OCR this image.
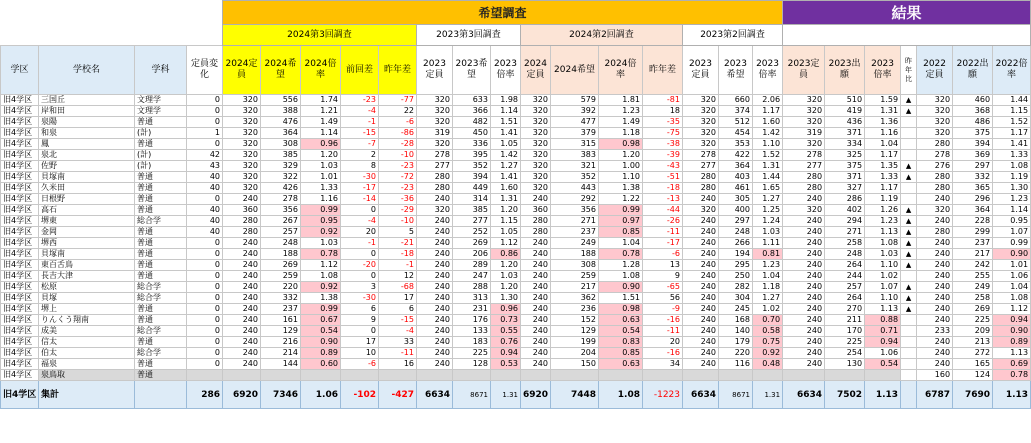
				希望調査															結果						
				2024第3回調査					2023第3回調査			2024第2回調査				2023第2回調査									
学区	学校名	学科	定員変化	2024定員	2024希望	2024倍率	前回差	昨年差	2023定員	2023希望	2023倍率	2024定員	2024希望	2024倍率	昨年差	2023定員	2023希望	2023倍率	2023定員	2023出願	2023倍率	昨年比	2022定員	2022出願	2022倍率
旧4学区	三国丘	文理学	0	320	556	1.74	-23	-77	320	633	1.98	320	579	1.81	-81	320	660	2.06	320	510	1.59	▲	320	460	1.44
旧4学区	岸和田	文理学	0	320	388	1.21	-4	22	320	366	1.14	320	392	1.23	18	320	374	1.17	320	419	1.31	▲	320	368	1.15
旧4学区	泉陽	普通	0	320	476	1.49	-1	-6	320	482	1.51	320	477	1.49	-35	320	512	1.60	320	436	1.36		320	486	1.52
旧4学区	和泉	(計)	1	320	364	1.14	-15	-86	319	450	1.41	320	379	1.18	-75	320	454	1.42	319	371	1.16		320	375	1.17
旧4学区	鳳	普通	0	320	308	0.96	-7	-28	320	336	1.05	320	315	0.98	-38	320	353	1.10	320	334	1.04		280	394	1.41
旧4学区	泉北	(計)	42	320	385	1.20	2	-10	278	395	1.42	320	383	1.20	-39	278	422	1.52	278	325	1.17		278	369	1.33
旧4学区	佐野	(計)	43	320	329	1.03	8	-23	277	352	1.27	320	321	1.00	-43	277	364	1.31	277	375	1.35	▲	276	297	1.08
旧4学区	貝塚南	普通	40	320	322	1.01	-30	-72	280	394	1.41	320	352	1.10	-51	280	403	1.44	280	371	1.33	▲	280	332	1.19
旧4学区	久米田	普通	40	320	426	1.33	-17	-23	280	449	1.60	320	443	1.38	-18	280	461	1.65	280	327	1.17		280	365	1.30
旧4学区	日根野	普通	0	240	278	1.16	-14	-36	240	314	1.31	240	292	1.22	-13	240	305	1.27	240	286	1.19		240	296	1.23
旧4学区	高石	普通	40	360	356	0.99	0	-29	320	385	1.20	360	356	0.99	-44	320	400	1.25	320	402	1.26	▲	320	364	1.14
旧4学区	堺東	総合学	40	280	267	0.95	-4	-10	240	277	1.15	280	271	0.97	-26	240	297	1.24	240	294	1.23	▲	240	228	0.95
旧4学区	金岡	普通	40	280	257	0.92	20	5	240	252	1.05	280	237	0.85	-11	240	248	1.03	240	271	1.13	▲	280	299	1.07
旧4学区	堺西	普通	0	240	248	1.03	-1	-21	240	269	1.12	240	249	1.04	-17	240	266	1.11	240	258	1.08	▲	240	237	0.99
旧4学区	貝塚南	普通	0	240	188	0.78	0	-18	240	206	0.86	240	188	0.78	-6	240	194	0.81	240	248	1.03	▲	240	217	0.90
旧4学区	東百舌鳥	普通	0	240	269	1.12	-20	-1	240	289	1.20	240	308	1.28	13	240	295	1.23	240	264	1.10	▲	240	242	1.01
旧4学区	長吉大津	普通	0	240	259	1.08	0	12	240	247	1.03	240	259	1.08	9	240	250	1.04	240	244	1.02		240	255	1.06
旧4学区	松原	総合学	0	240	220	0.92	3	-68	240	288	1.20	240	217	0.90	-65	240	282	1.18	240	257	1.07	▲	240	249	1.04
旧4学区	貝塚	総合学	0	240	332	1.38	-30	17	240	313	1.30	240	362	1.51	56	240	304	1.27	240	264	1.10	▲	240	258	1.08
旧4学区	堺上	普通	0	240	237	0.99	6	6	240	231	0.96	240	236	0.98	-9	240	245	1.02	240	270	1.13	▲	240	269	1.12
旧4学区	りんくう翔南	普通	0	240	161	0.67	9	-15	240	176	0.73	240	152	0.63	-16	240	168	0.70	240	211	0.88		240	225	0.94
旧4学区	成美	総合学	0	240	129	0.54	0	-4	240	133	0.55	240	129	0.54	-11	240	140	0.58	240	170	0.71		233	209	0.90
旧4学区	信太	普通	0	240	216	0.90	17	33	240	183	0.76	240	199	0.83	20	240	179	0.75	240	225	0.94		240	213	0.89
旧4学区	伯太	総合学	0	240	214	0.89	10	-11	240	225	0.94	240	204	0.85	-16	240	220	0.92	240	254	1.06		240	272	1.13
旧4学区	福泉	普通	0	240	144	0.60	-6	16	240	128	0.53	240	150	0.63	34	240	116	0.48	240	130	0.54		240	165	0.69
旧4学区	泉鳥取	普通																					160	124	0.78
旧4学区	集計		286	6920	7346	1.06	-102	-427	6634	8671	1.31	6920	7448	1.08	-1223	6634	8671	1.31	6634	7502	1.13		6787	7690	1.13
